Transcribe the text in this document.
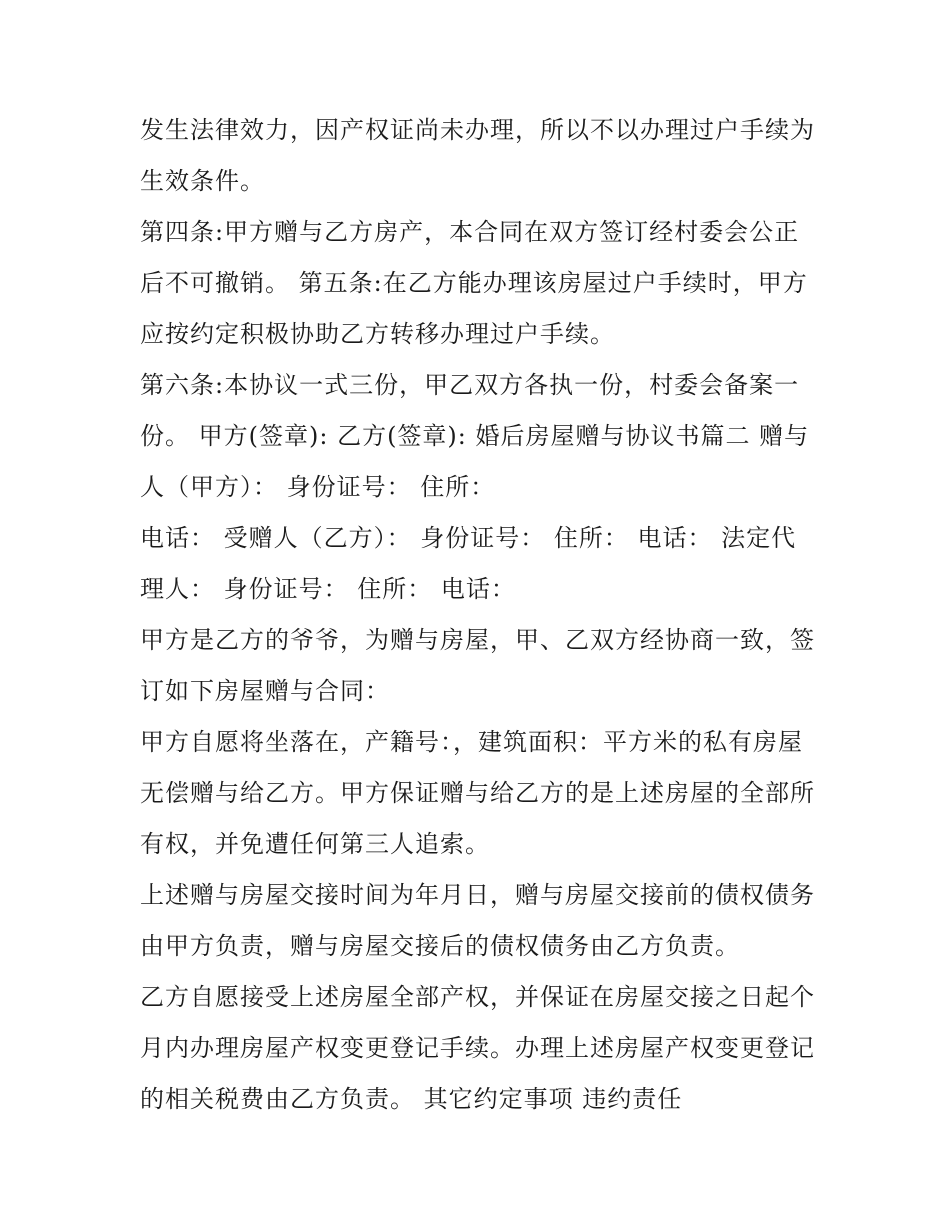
发生法律效力，因产权证尚未办理，所以不以办理过户手续为
生效条件。
第四条:甲方赠与乙方房产，本合同在双方签订经村委会公正
后不可撤销。 第五条:在乙方能办理该房屋过户手续时，甲方
应按约定积极协助乙方转移办理过户手续。
第六条:本协议一式三份，甲乙双方各执一份，村委会备案一
份。 甲方(签章): 乙方(签章): 婚后房屋赠与协议书篇二 赠与
人（甲方）： 身份证号： 住所：
电话： 受赠人（乙方）： 身份证号： 住所： 电话： 法定代
理人： 身份证号： 住所： 电话：
甲方是乙方的爷爷，为赠与房屋，甲、乙双方经协商一致，签
订如下房屋赠与合同：
甲方自愿将坐落在，产籍号：，建筑面积：平方米的私有房屋
无偿赠与给乙方。甲方保证赠与给乙方的是上述房屋的全部所
有权，并免遭任何第三人追索。
上述赠与房屋交接时间为年月日，赠与房屋交接前的债权债务
由甲方负责，赠与房屋交接后的债权债务由乙方负责。
乙方自愿接受上述房屋全部产权，并保证在房屋交接之日起个
月内办理房屋产权变更登记手续。办理上述房屋产权变更登记
的相关税费由乙方负责。 其它约定事项 违约责任
